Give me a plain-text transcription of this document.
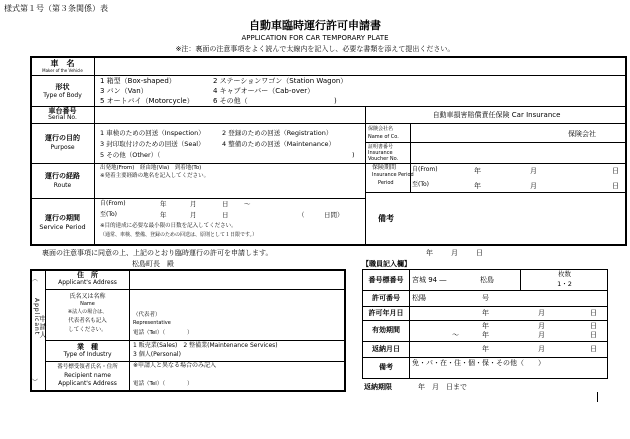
様式第１号（第３条関係）表
自動車臨時運行許可申請書
APPLICATION FOR CAR TEMPORARY PLATE
※注：裏面の注意事項をよく読んで太線内を記入し、必要な書類を添えて提出ください。
車　名
Maker of the Vehicle
形状
Type of Body
1 箱型（Box-shaped）	2 ステーションワゴン（Station Wagon）
3 バン（Van）	4 キャブオーバー（Cab-over）
5 オートバイ（Motorcycle）	6 その他（	)
車台番号
Serial No.	自動車損害賠償責任保険 Car Insurance
運行の目的
Purpose
1 車検のための回送（Inspection）	2 登録のための回送（Registration）
3 封印取付けのための回送（Seal）	4 整備のための回送（Maintenance）
5 その他（Other）（	)
保険会社名
Name of Co.	保険会社
証明書番号
Insurance Voucher No.
保険期間
Insurance Period
Period
自(From)	年	月	日
至(To)	年	月	日
運行の経路
Route
出発地(From)　経由地(Via)　到着地(To)
※発着主要経路の地名を記入してください。
運行の期間
Service Period
自(From)	年	月	日 〜
至(To)	年	月	日	（　　　日間）
※目的達成に必要な最小限の日数を記入してください。
（通常、車検、整備、登録のための回送は、原則として１日限です。）
備考
裏面の注意事項に同意の上、上記のとおり臨時運行の許可を申請します。	年	月	日
松島町長　殿
︵
Applicant 申請人
︶
住　所
Applicant's Address
氏名又は名称
Name
※法人の場合は、
代表者名も記入
してください。
（代表者）
Representative
電話（Tel）（　　　　）
業　種
Type of Industry
1 販売業(Sales)　2 整備業(Maintenance Services)
3 個人(Personal)
番号標受領者氏名・住所
Recipient name
Applicant's Address
※申請人と異なる場合のみ記入
電話（Tel）（　　　　）
【職員記入欄】
番号標番号	宮城 94 ―	松島
枚数
1・2
許可番号	松陽	号
許可年月日	年	月	日
有効期間	年	月	日
〜	年	月	日
返納月日	年	月	日
備考	免・パ・在・住・個・保・その他（　　）
返納期限	年　月　日まで
